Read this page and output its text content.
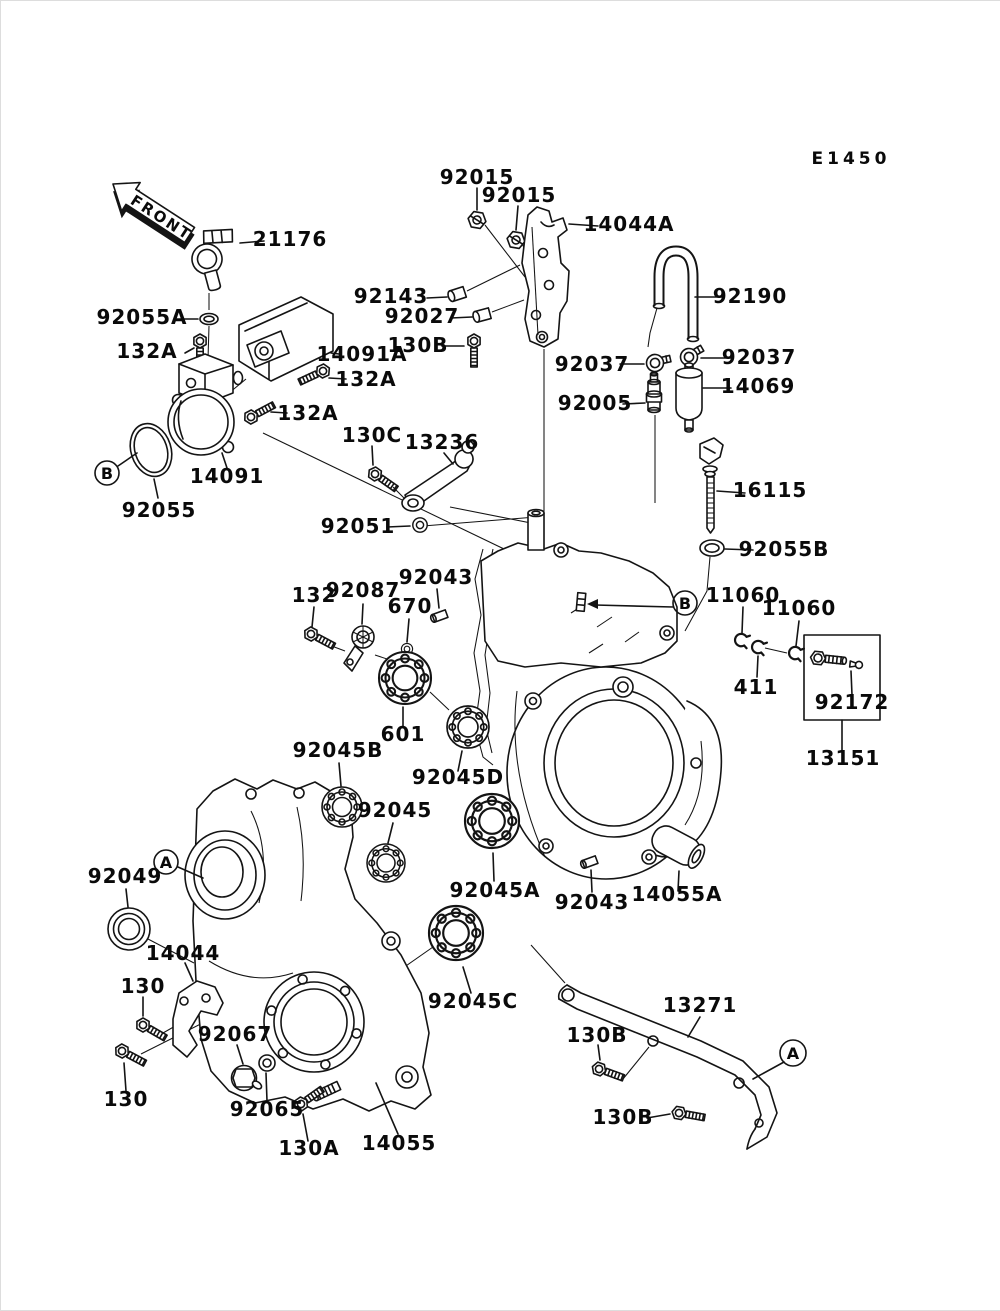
FRONT
E1450
B
B
A
A
92015
92015
14044A
21176
92143
92027
130B
92190
92037	92037
14069
92005
92055A
132A	14091A
132A
132A
130C 13236
14091
92055
92051
16115
92055B
92043
132
92087
670	11060
11060
411
92172
13151
601
92045B
92045
92045D
92049
92045A 92043 14055A
14044
130
92045C	13271
130B
92067
130	92065	130B
130A 14055
